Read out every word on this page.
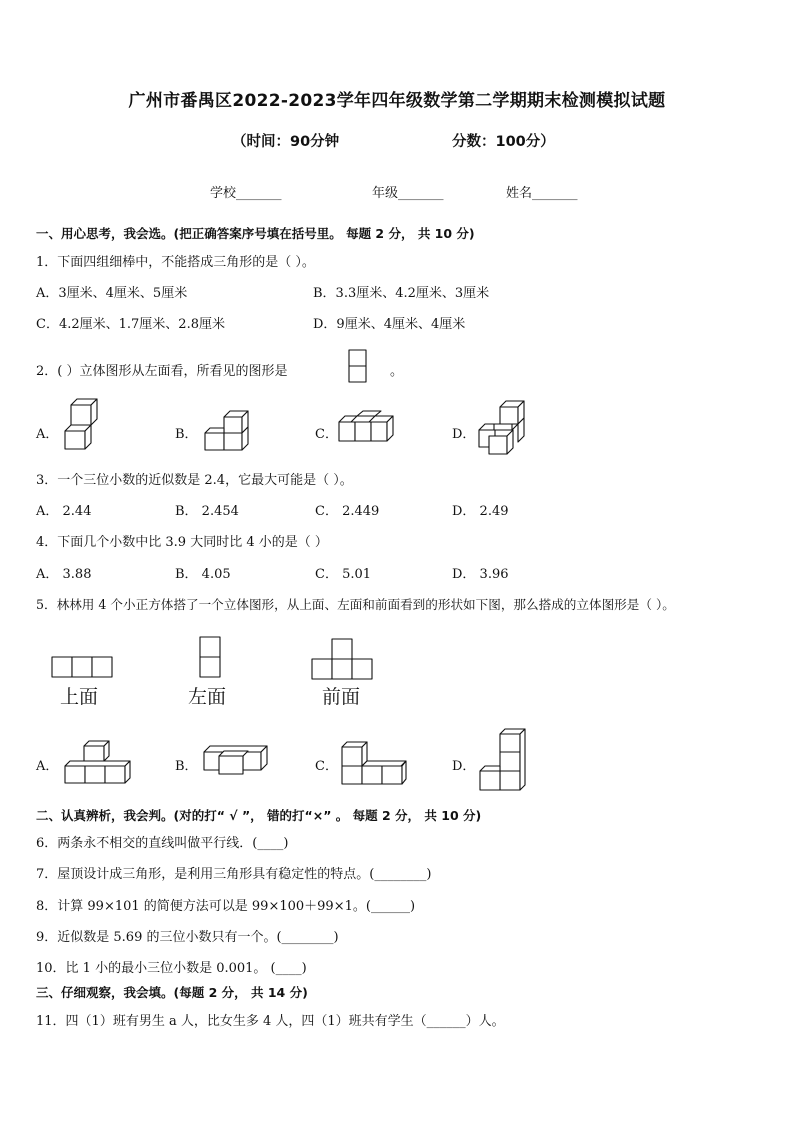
广州市番禺区2022-2023学年四年级数学第二学期期末检测模拟试题
（时间：90分钟	分数：100分）
学校_______	年级_______	姓名_______
一、用心思考，我会选。(把正确答案序号填在括号里。 每题 2 分， 共 10 分)
1．下面四组细棒中，不能搭成三角形的是（ ）。
A．3厘米、4厘米、5厘米	B．3.3厘米、4.2厘米、3厘米
C．4.2厘米、1.7厘米、2.8厘米	D．9厘米、4厘米、4厘米
2．( ）立体图形从左面看，所看见的图形是	。
A．	B．	C．	D．
3．一个三位小数的近似数是 2.4，它最大可能是（ ）。
A． 2.44	B． 2.454	C． 2.449	D． 2.49
4．下面几个小数中比 3.9 大同时比 4 小的是（ ）
A． 3.88	B． 4.05	C． 5.01	D． 3.96
5．林林用 4 个小正方体搭了一个立体图形，从上面、左面和前面看到的形状如下图，那么搭成的立体图形是（ ）。
上面	左面	前面
A．	B．	C．	D．
二、认真辨析，我会判。(对的打“ √ ”， 错的打“×” 。 每题 2 分， 共 10 分)
6．两条永不相交的直线叫做平行线．(____)
7．屋顶设计成三角形，是利用三角形具有稳定性的特点。(________)
8．计算 99×101 的简便方法可以是 99×100＋99×1。(______)
9．近似数是 5.69 的三位小数只有一个。(________)
10．比 1 小的最小三位小数是 0.001。 (____)
三、仔细观察，我会填。(每题 2 分， 共 14 分)
11．四（1）班有男生 a 人，比女生多 4 人，四（1）班共有学生（______）人。
